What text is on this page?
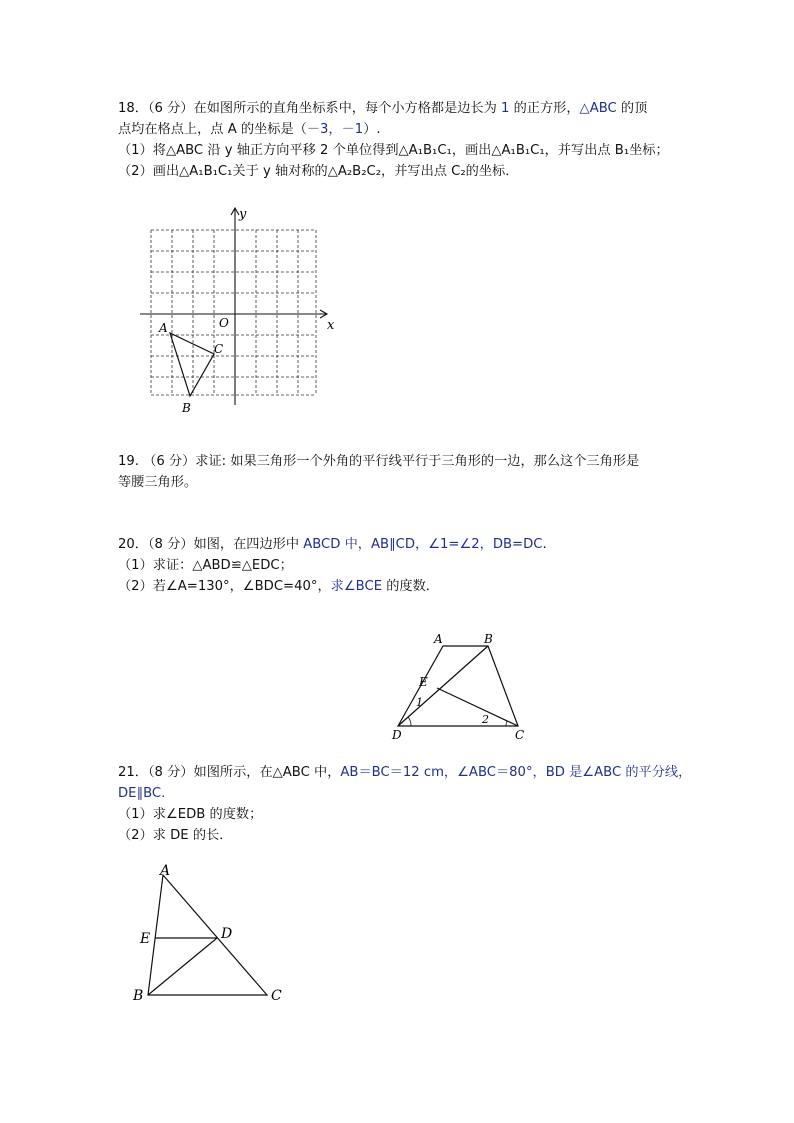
18．（6 分）在如图所示的直角坐标系中，每个小方格都是边长为 1 的正方形，△ABC 的顶

点均在格点上，点 A 的坐标是（－3，－1）.

（1）将△ABC 沿 y 轴正方向平移 2 个单位得到△A₁B₁C₁，画出△A₁B₁C₁，并写出点 B₁坐标；

（2）画出△A₁B₁C₁关于 y 轴对称的△A₂B₂C₂，并写出点 C₂的坐标．

y
x
O
A
B
C

19. （6 分）求证: 如果三角形一个外角的平行线平行于三角形的一边，那么这个三角形是

等腰三角形。

20．（8 分）如图，在四边形中 ABCD 中，AB∥CD，∠1=∠2，DB=DC.

（1）求证：△ABD≌△EDC；

（2）若∠A=130°，∠BDC=40°，求∠BCE 的度数．

A	B
C
D
E
1
2

21．（8 分）如图所示，在△ABC 中，AB＝BC＝12 cm，∠ABC＝80°，BD 是∠ABC 的平分线，

DE∥BC.

（1）求∠EDB 的度数；

（2）求 DE 的长．

A
B	C
D
E
